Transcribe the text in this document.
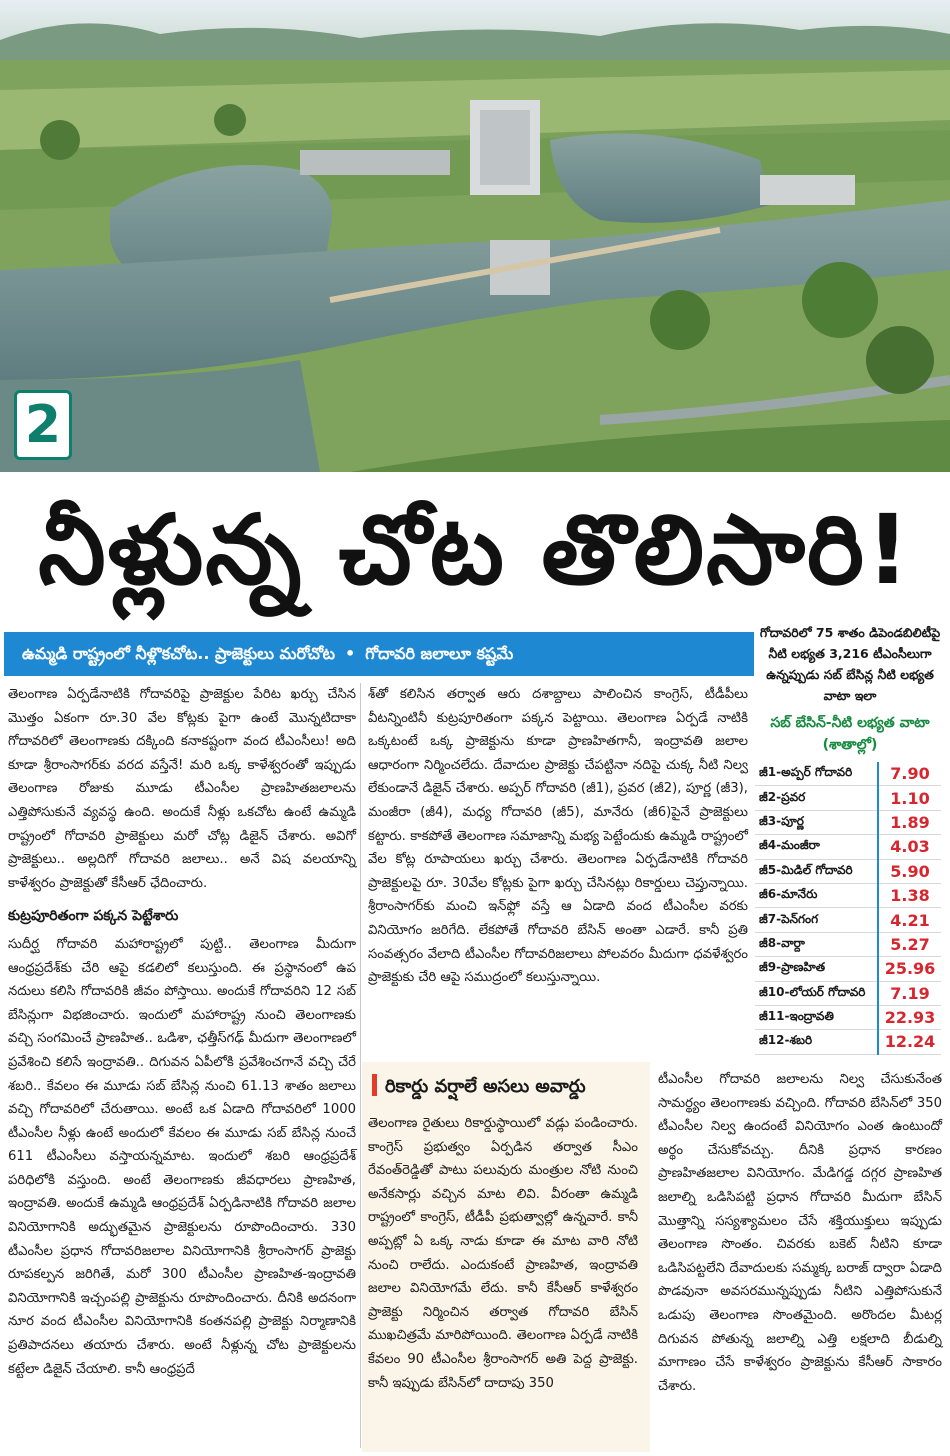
2
నీళ్లున్న చోట తొలిసారి!
ఉమ్మడి రాష్ట్రంలో నీళ్లొకచోట.. ప్రాజెక్టులు మరోచోట • గోదావరి జలాలూ కష్టమే

తెలంగాణ ఏర్పడేనాటికి గోదావరిపై ప్రాజెక్టుల పేరిట ఖర్చు చేసిన మొత్తం ఏకంగా రూ.30 వేల కోట్లకు పైగా ఉంటే మొన్నటిదాకా గోదావరిలో తెలంగాణకు దక్కింది కనాకష్టంగా వంద టీఎంసీలు! అది కూడా శ్రీరాంసాగర్‌కు వరద వస్తేనే! మరి ఒక్క కాళేశ్వరంతో ఇప్పుడు తెలంగాణ రోజుకు మూడు టీఎంసీల ప్రాణహితజలాలను ఎత్తిపోసుకునే వ్యవస్థ ఉంది. అందుకే నీళ్లు ఒకచోట ఉంటే ఉమ్మడి రాష్ట్రంలో గోదావరి ప్రాజెక్టులు మరో చోట్ల డిజైన్ చేశారు. అవిగో ప్రాజెక్టులు.. అల్లదిగో గోదావరి జలాలు.. అనే విష వలయాన్ని కాళేశ్వరం ప్రాజెక్టుతో కేసీఆర్ ఛేదించారు.

కుట్రపూరితంగా పక్కన పెట్టేశారు

సుదీర్ఘ గోదావరి మహారాష్ట్రలో పుట్టి.. తెలంగాణ మీదుగా ఆంధ్రప్రదేశ్‌కు చేరి ఆపై కడలిలో కలుస్తుంది. ఈ ప్రస్థానంలో ఉప నదులు కలిసి గోదావరికి జీవం పోస్తాయి. అందుకే గోదావరిని 12 సబ్ బేసిన్లుగా విభజించారు. ఇందులో మహారాష్ట్ర నుంచి తెలంగాణకు వచ్చి సంగమించే ప్రాణహిత.. ఒడిశా, ఛత్తీస్‌గఢ్ మీదుగా తెలంగాణలో ప్రవేశించి కలిసే ఇంద్రావతి.. దిగువన ఏపీలోకి ప్రవేశించగానే వచ్చి చేరే శబరి.. కేవలం ఈ మూడు సబ్ బేసిన్ల నుంచి 61.13 శాతం జలాలు వచ్చి గోదావరిలో చేరుతాయి. అంటే ఒక ఏడాది గోదావరిలో 1000 టీఎంసీల నీళ్లు ఉంటే అందులో కేవలం ఈ మూడు సబ్ బేసిన్ల నుంచే 611 టీఎంసీలు వస్తాయన్నమాట. ఇందులో శబరి ఆంధ్రప్రదేశ్ పరిధిలోకి వస్తుంది. అంటే తెలంగాణకు జీవధారలు ప్రాణహిత, ఇంద్రావతి. అందుకే ఉమ్మడి ఆంధ్రప్రదేశ్ ఏర్పడినాటికి గోదావరి జలాల వినియోగానికి అద్భుతమైన ప్రాజెక్టులను రూపొందించారు. 330 టీఎంసీల ప్రధాన గోదావరిజలాల వినియోగానికి శ్రీరాంసాగర్ ప్రాజెక్టు రూపకల్పన జరిగితే, మరో 300 టీఎంసీల ప్రాణహిత-ఇంద్రావతి వినియోగానికి ఇచ్చంపల్లి ప్రాజెక్టును రూపొందించారు. దీనికి అదనంగా నూర వంద టీఎంసీల వినియోగానికి కంతనపల్లి ప్రాజెక్టు నిర్మాణానికి ప్రతిపాదనలు తయారు చేశారు. అంటే నీళ్లున్న చోట ప్రాజెక్టులను కట్టేలా డిజైన్ చేయాలి. కానీ ఆంధ్రప్రదే

శ్‌తో కలిసిన తర్వాత ఆరు దశాబ్దాలు పాలించిన కాంగ్రెస్, టీడీపీలు వీటన్నింటినీ కుట్రపూరితంగా పక్కన పెట్టాయి. తెలంగాణ ఏర్పడే నాటికి ఒక్కటంటే ఒక్క ప్రాజెక్టును కూడా ప్రాణహితగానీ, ఇంద్రావతి జలాల ఆధారంగా నిర్మించలేదు. దేవాదుల ప్రాజెక్టు చేపట్టినా నదిపై చుక్క నీటి నిల్వ లేకుండానే డిజైన్ చేశారు. అప్పర్ గోదావరి (జీ1), ప్రవర (జీ2), పూర్ణ (జీ3), మంజీరా (జీ4), మధ్య గోదావరి (జీ5), మానేరు (జీ6)పైనే ప్రాజెక్టులు కట్టారు. కాకపోతే తెలంగాణ సమాజాన్ని మభ్య పెట్టేందుకు ఉమ్మడి రాష్ట్రంలో వేల కోట్ల రూపాయలు ఖర్చు చేశారు. తెలంగాణ ఏర్పడేనాటికి గోదావరి ప్రాజెక్టులపై రూ. 30వేల కోట్లకు పైగా ఖర్చు చేసినట్లు రికార్డులు చెప్తున్నాయి. శ్రీరాంసాగర్‌కు మంచి ఇన్‌ఫ్లో వస్తే ఆ ఏడాది వంద టీఎంసీల వరకు వినియోగం జరిగేది. లేకపోతే గోదావరి బేసిన్ అంతా ఎడారే. కానీ ప్రతి సంవత్సరం వేలాది టీఎంసీల గోదావరిజలాలు పోలవరం మీదుగా ధవళేశ్వరం ప్రాజెక్టుకు చేరి ఆపై సముద్రంలో కలుస్తున్నాయి.

రికార్డు వర్షాలే అసలు అవార్డు

తెలంగాణ రైతులు రికార్డుస్థాయిలో వడ్లు పండించారు. కాంగ్రెస్ ప్రభుత్వం ఏర్పడిన తర్వాత సీఎం రేవంత్‌రెడ్డితో పాటు పలువురు మంత్రుల నోటి నుంచి అనేకసార్లు వచ్చిన మాట లివి. వీరంతా ఉమ్మడి రాష్ట్రంలో కాంగ్రెస్, టీడీపీ ప్రభుత్వాల్లో ఉన్నవారే. కానీ అప్పట్లో ఏ ఒక్క నాడు కూడా ఈ మాట వారి నోటి నుంచి రాలేదు. ఎందుకంటే ప్రాణహిత, ఇంద్రావతి జలాల వినియోగమే లేదు. కానీ కేసీఆర్ కాళేశ్వరం ప్రాజెక్టు నిర్మించిన తర్వాత గోదావరి బేసిన్ ముఖచిత్రమే మారిపోయింది. తెలంగాణ ఏర్పడే నాటికి కేవలం 90 టీఎంసీల శ్రీరాంసాగర్ అతి పెద్ద ప్రాజెక్టు. కానీ ఇప్పుడు బేసిన్‌లో దాదాపు 350

టీఎంసీల గోదావరి జలాలను నిల్వ చేసుకునేంత సామర్థ్యం తెలంగాణకు వచ్చింది. గోదావరి బేసిన్‌లో 350 టీఎంసీల నిల్వ ఉందంటే వినియోగం ఎంత ఉంటుందో అర్థం చేసుకోవచ్చు. దీనికి ప్రధాన కారణం ప్రాణహితజలాల వినియోగం. మేడిగడ్డ దగ్గర ప్రాణహిత జలాల్ని ఒడిసిపట్టి ప్రధాన గోదావరి మీదుగా బేసిన్ మొత్తాన్ని సస్యశ్యామలం చేసే శక్తియుక్తులు ఇప్పుడు తెలంగాణ సొంతం. చివరకు బకెట్ నీటిని కూడా ఒడిసిపట్టలేని దేవాదులకు సమ్మక్క బరాజ్ ద్వారా ఏడాది పొడవునా అవసరమున్నప్పుడు నీటిని ఎత్తిపోసుకునే ఒడుపు తెలంగాణ సొంతమైంది. అరొందల మీటర్ల దిగువన పోతున్న జలాల్ని ఎత్తి లక్షలాది బీడుల్ని మాగాణం చేసే కాళేశ్వరం ప్రాజెక్టును కేసీఆర్ సాకారం చేశారు.

గోదావరిలో 75 శాతం డిపెండబిలిటీపై నీటి లభ్యత 3,216 టీఎంసీలుగా ఉన్నప్పుడు సబ్ బేసిన్ల నీటి లభ్యత వాటా ఇలా
సబ్ బేసిన్-నీటి లభ్యత వాటా (శాతాల్లో)
జీ1-అప్పర్ గోదావరి	7.90
జీ2-ప్రవర	1.10
జీ3-పూర్ణ	1.89
జీ4-మంజీరా	4.03
జీ5-మిడిల్ గోదావరి	5.90
జీ6-మానేరు	1.38
జీ7-పెన్‌గంగ	4.21
జీ8-వార్దా	5.27
జీ9-ప్రాణహిత	25.96
జీ10-లోయర్ గోదావరి	7.19
జీ11-ఇంద్రావతి	22.93
జీ12-శబరి	12.24
